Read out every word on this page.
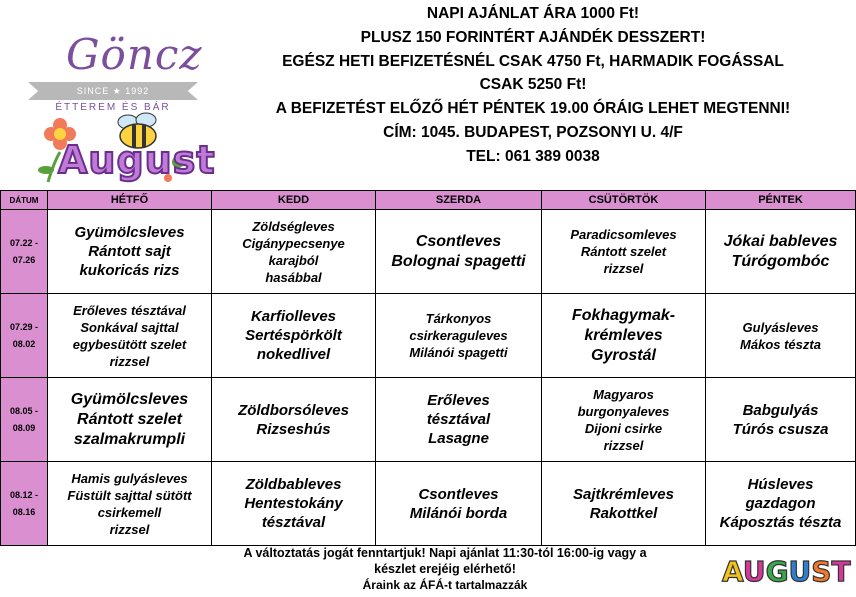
Göncz
SINCE ★ 1992
ÉTTEREM ÉS BÁR
August
NAPI AJÁNLAT ÁRA 1000 Ft!
PLUSZ 150 FORINTÉRT AJÁNDÉK DESSZERT!
EGÉSZ HETI BEFIZETÉSNÉL CSAK 4750 Ft, HARMADIK FOGÁSSAL
CSAK 5250 Ft!
A BEFIZETÉST ELŐZŐ HÉT PÉNTEK 19.00 ÓRÁIG LEHET MEGTENNI!
CÍM: 1045. BUDAPEST, POZSONYI U. 4/F
TEL: 061 389 0038
DÁTUM	HÉTFŐ	KEDD	SZERDA	CSÜTÖRTÖK	PÉNTEK

07.22 -
07.26	Gyümölcsleves
Rántott sajt
kukoricás rizs	Zöldségleves
Cigánypecsenye
karajból
hasábbal	Csontleves
Bolognai spagetti	Paradicsomleves
Rántott szelet
rizzsel	Jókai bableves
Túrógombóc

07.29 -
08.02	Erőleves tésztával
Sonkával sajttal
egybesütött szelet
rizzsel	Karfiolleves
Sertéspörkölt
nokedlivel	Tárkonyos
csirkeraguleves
Milánói spagetti	Fokhagymak-
krémleves
Gyrostál	Gulyásleves
Mákos tészta

08.05 -
08.09	Gyümölcsleves
Rántott szelet
szalmakrumpli	Zöldborsóleves
Rizseshús	Erőleves
tésztával
Lasagne	Magyaros
burgonyaleves
Dijoni csirke
rizzsel	Babgulyás
Túrós csusza

08.12 -
08.16	Hamis gulyásleves
Füstült sajttal sütött
csirkemell
rizzsel	Zöldbableves
Hentestokány
tésztával	Csontleves
Milánói borda	Sajtkrémleves
Rakottkel	Húsleves
gazdagon
Káposztás tészta
A változtatás jogát fenntartjuk! Napi ajánlat 11:30-tól 16:00-ig vagy a
készlet erejéig elérhető!
Áraink az ÁFÁ-t tartalmazzák	AUGUST
